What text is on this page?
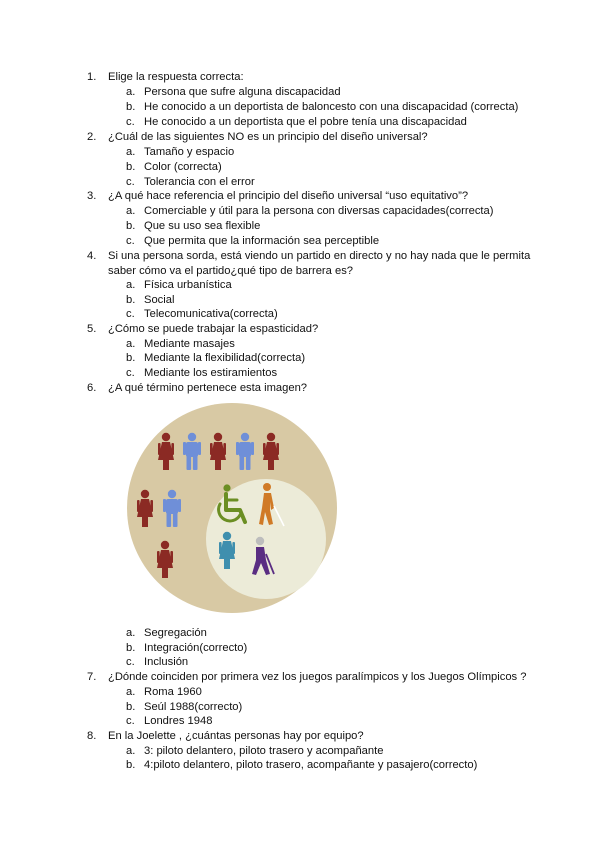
1. Elige la respuesta correcta:
a. Persona que sufre alguna discapacidad
b. He conocido a un deportista de baloncesto con una discapacidad (correcta)
c. He conocido a un deportista que el pobre tenía una discapacidad
2. ¿Cuál de las siguientes NO es un principio del diseño universal?
a. Tamaño y espacio
b. Color (correcta)
c. Tolerancia con el error
3. ¿A qué hace referencia el principio del diseño universal “uso equitativo”?
a. Comerciable y útil para la persona con diversas capacidades(correcta)
b. Que su uso sea flexible
c. Que permita que la información sea perceptible
4. Si una persona sorda, está viendo un partido en directo y no hay nada que le permita saber cómo va el partido¿qué tipo de barrera es?
a. Física urbanística
b. Social
c. Telecomunicativa(correcta)
5. ¿Cómo se puede trabajar la espasticidad?
a. Mediante masajes
b. Mediante la flexibilidad(correcta)
c. Mediante los estiramientos
6. ¿A qué término pertenece esta imagen?
a. Segregación
b. Integración(correcto)
c. Inclusión
7. ¿Dónde coinciden por primera vez los juegos paralímpicos y los Juegos Olímpicos ?
a. Roma 1960
b. Seúl 1988(correcto)
c. Londres 1948
8. En la Joelette , ¿cuántas personas hay por equipo?
a. 3: piloto delantero, piloto trasero y acompañante
b. 4:piloto delantero, piloto trasero, acompañante y pasajero(correcto)
